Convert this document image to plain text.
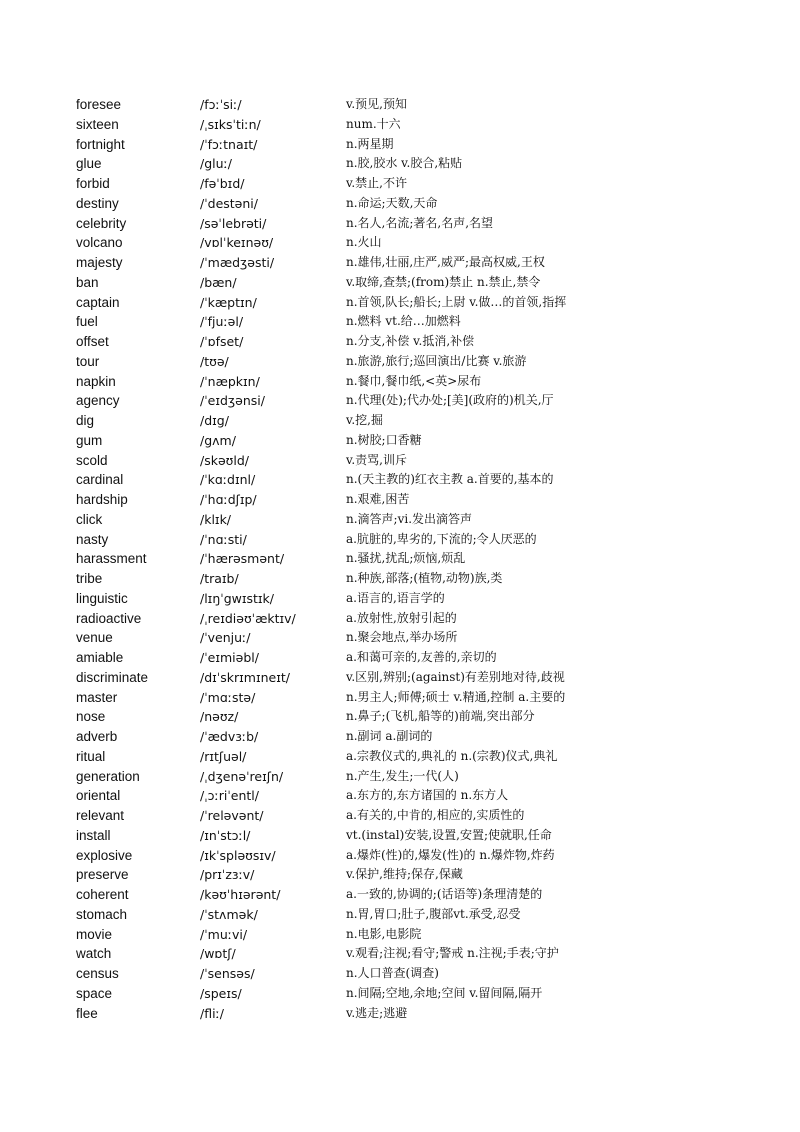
foresee	/fɔːˈsiː/	v.预见,预知
sixteen	/ˌsɪksˈtiːn/	num.十六
fortnight	/ˈfɔːtnaɪt/	n.两星期
glue	/gluː/	n.胶,胶水 v.胶合,粘贴
forbid	/fəˈbɪd/	v.禁止,不许
destiny	/ˈdestəni/	n.命运;天数,天命
celebrity	/səˈlebrəti/	n.名人,名流;著名,名声,名望
volcano	/vɒlˈkeɪnəʊ/	n.火山
majesty	/ˈmædʒəsti/	n.雄伟,壮丽,庄严,威严;最高权威,王权
ban	/bæn/	v.取缔,查禁;(from)禁止 n.禁止,禁令
captain	/ˈkæptɪn/	n.首领,队长;船长;上尉 v.做…的首领,指挥
fuel	/ˈfjuːəl/	n.燃料 vt.给…加燃料
offset	/ˈɒfset/	n.分支,补偿 v.抵消,补偿
tour	/tʊə/	n.旅游,旅行;巡回演出/比赛 v.旅游
napkin	/ˈnæpkɪn/	n.餐巾,餐巾纸,<英>尿布
agency	/ˈeɪdʒənsi/	n.代理(处);代办处;[美](政府的)机关,厅
dig	/dɪg/	v.挖,掘
gum	/gʌm/	n.树胶;口香糖
scold	/skəʊld/	v.责骂,训斥
cardinal	/ˈkɑːdɪnl/	n.(天主教的)红衣主教 a.首要的,基本的
hardship	/ˈhɑːdʃɪp/	n.艰难,困苦
click	/klɪk/	n.滴答声;vi.发出滴答声
nasty	/ˈnɑːsti/	a.肮脏的,卑劣的,下流的;令人厌恶的
harassment	/ˈhærəsmənt/	n.骚扰,扰乱;烦恼,烦乱
tribe	/traɪb/	n.种族,部落;(植物,动物)族,类
linguistic	/lɪŋˈgwɪstɪk/	a.语言的,语言学的
radioactive	/ˌreɪdiəʊˈæktɪv/	a.放射性,放射引起的
venue	/ˈvenjuː/	n.聚会地点,举办场所
amiable	/ˈeɪmiəbl/	a.和蔼可亲的,友善的,亲切的
discriminate	/dɪˈskrɪmɪneɪt/	v.区别,辨别;(against)有差别地对待,歧视
master	/ˈmɑːstə/	n.男主人;师傅;硕士 v.精通,控制 a.主要的
nose	/nəʊz/	n.鼻子;(飞机,船等的)前端,突出部分
adverb	/ˈædvɜːb/	n.副词 a.副词的
ritual	/rɪtʃuəl/	a.宗教仪式的,典礼的 n.(宗教)仪式,典礼
generation	/ˌdʒenəˈreɪʃn/	n.产生,发生;一代(人)
oriental	/ˌɔːriˈentl/	a.东方的,东方诸国的 n.东方人
relevant	/ˈreləvənt/	a.有关的,中肯的,相应的,实质性的
install	/ɪnˈstɔːl/	vt.(instal)安装,设置,安置;使就职,任命
explosive	/ɪkˈspləʊsɪv/	a.爆炸(性)的,爆发(性)的 n.爆炸物,炸药
preserve	/prɪˈzɜːv/	v.保护,维持;保存,保藏
coherent	/kəʊˈhɪərənt/	a.一致的,协调的;(话语等)条理清楚的
stomach	/ˈstʌmək/	n.胃,胃口;肚子,腹部vt.承受,忍受
movie	/ˈmuːvi/	n.电影,电影院
watch	/wɒtʃ/	v.观看;注视;看守;警戒 n.注视;手表;守护
census	/ˈsensəs/	n.人口普查(调查)
space	/speɪs/	n.间隔;空地,余地;空间 v.留间隔,隔开
flee	/fliː/	v.逃走;逃避
